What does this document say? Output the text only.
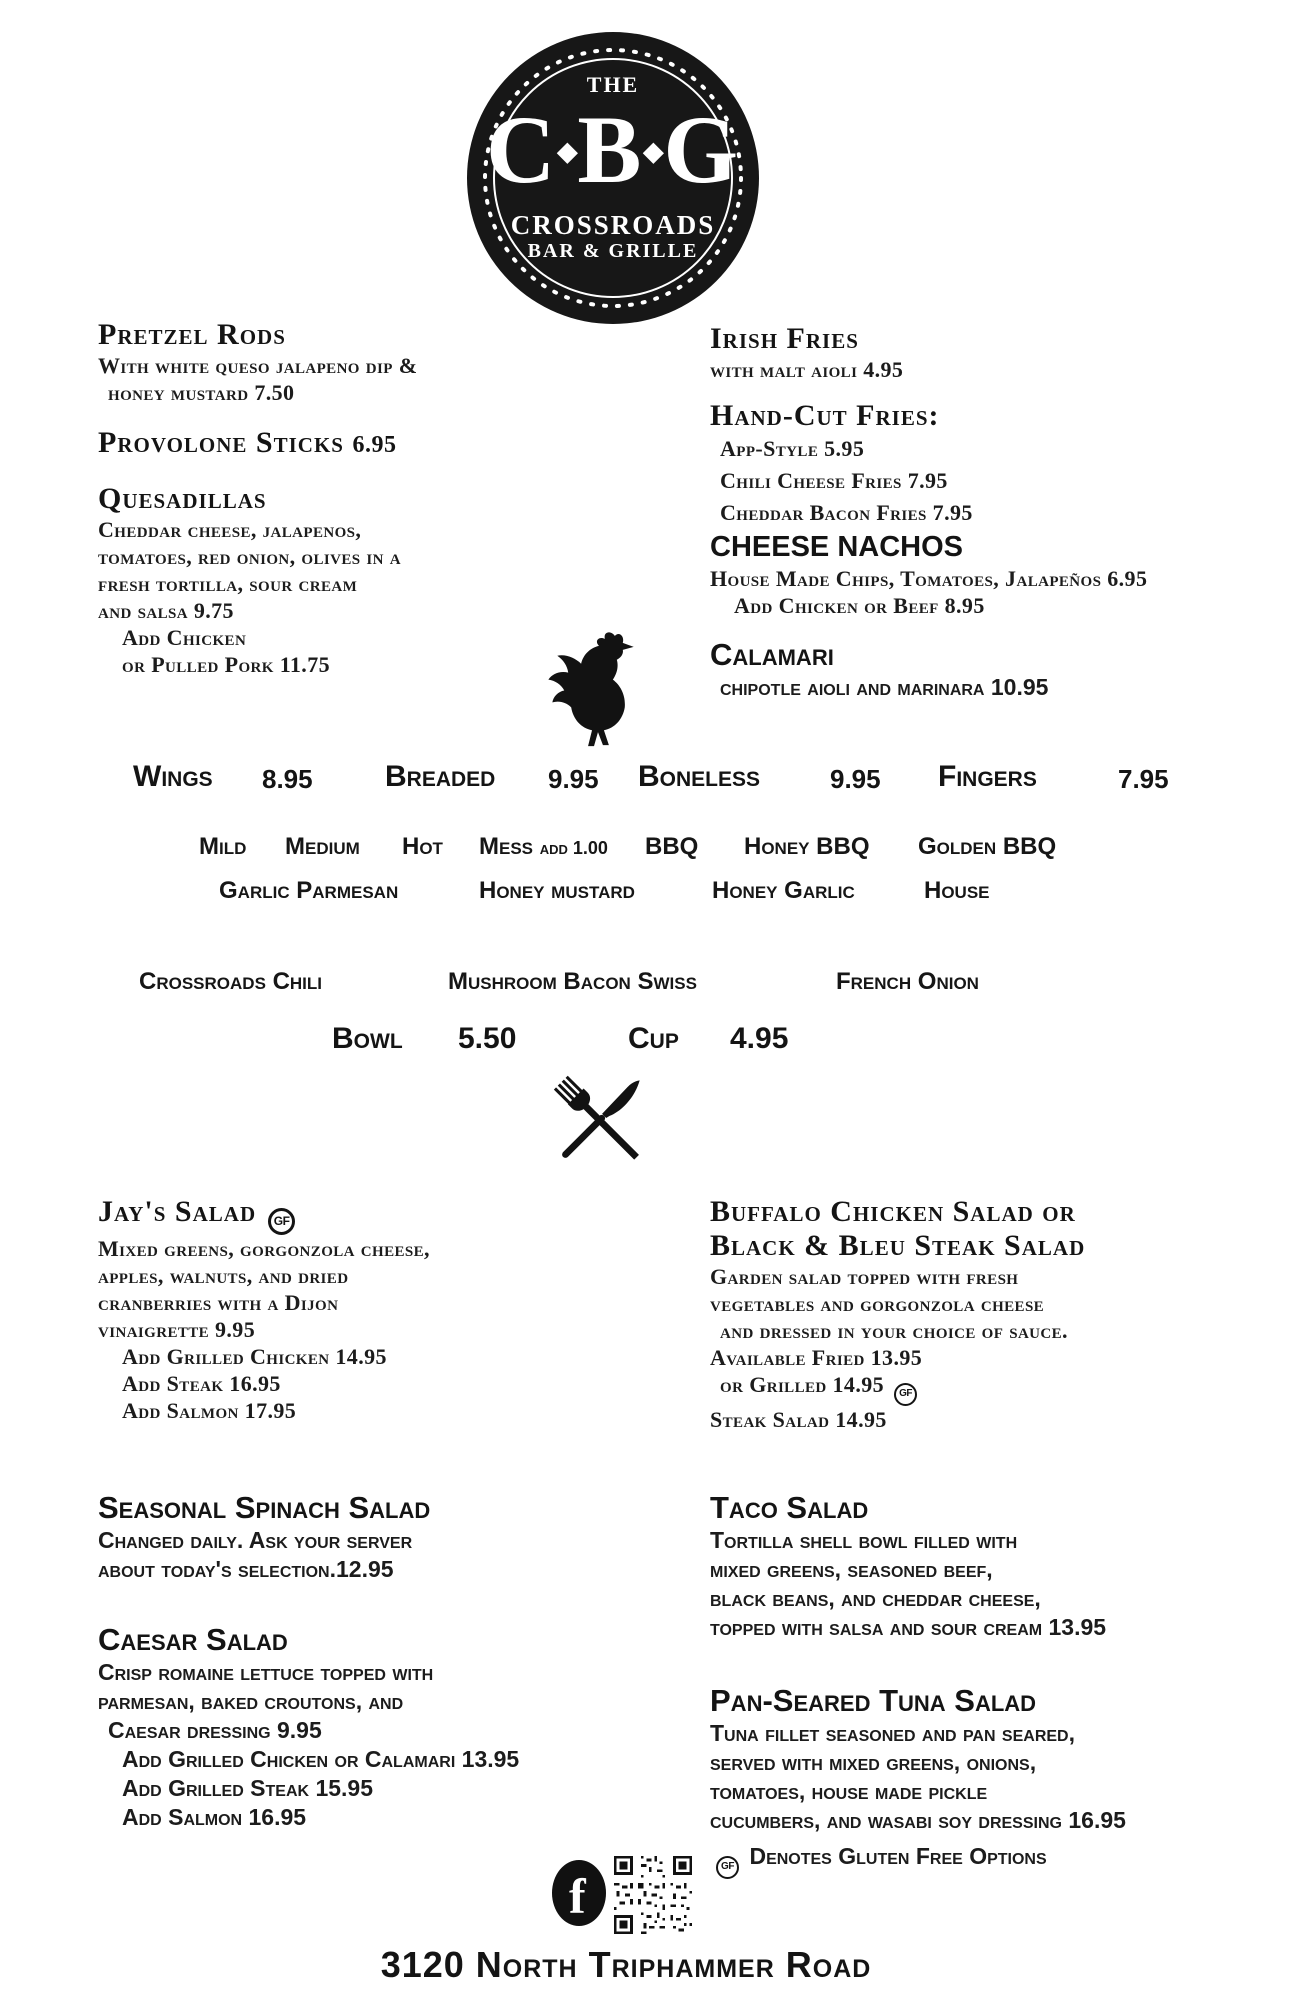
THE
C◆B◆G
CROSSROADS
BAR & GRILLE
Pretzel Rods
With white queso jalapeno dip &
honey mustard 7.50
Provolone Sticks 6.95
Quesadillas
Cheddar cheese, jalapenos,
tomatoes, red onion, olives in a
fresh tortilla, sour cream
and salsa 9.75
Add Chicken
or Pulled Pork 11.75
Irish Fries
with malt aioli 4.95
Hand-Cut Fries:
App-Style 5.95
Chili Cheese Fries 7.95
Cheddar Bacon Fries 7.95
CHEESE NACHOS
House Made Chips, Tomatoes, Jalapeños 6.95
Add Chicken or Beef 8.95
Calamari
chipotle aioli and marinara 10.95
Wings 8.95 Breaded 9.95 Boneless	9.95 Fingers	7.95
Mild Medium Hot Mess add 1.00 BBQ Honey BBQ Golden BBQ
Garlic Parmesan	Honey mustard	Honey Garlic	House
Crossroads Chili	Mushroom Bacon Swiss	French Onion
Bowl 5.50	Cup 4.95
Jay's Salad GF
Mixed greens, gorgonzola cheese,
apples, walnuts, and dried
cranberries with a Dijon
vinaigrette 9.95
Add Grilled Chicken 14.95
Add Steak 16.95
Add Salmon 17.95
Seasonal Spinach Salad
Changed daily. Ask your server
about today's selection.12.95
Caesar Salad
Crisp romaine lettuce topped with
parmesan, baked croutons, and
Caesar dressing 9.95
Add Grilled Chicken or Calamari 13.95
Add Grilled Steak 15.95
Add Salmon 16.95
Buffalo Chicken Salad or
Black & Bleu Steak Salad
Garden salad topped with fresh
vegetables and gorgonzola cheese
and dressed in your choice of sauce.
Available Fried 13.95
or Grilled 14.95 GF
Steak Salad 14.95
Taco Salad
Tortilla shell bowl filled with
mixed greens, seasoned beef,
black beans, and cheddar cheese,
topped with salsa and sour cream 13.95
Pan-Seared Tuna Salad
Tuna fillet seasoned and pan seared,
served with mixed greens, onions,
tomatoes, house made pickle
cucumbers, and wasabi soy dressing 16.95
GF Denotes Gluten Free Options
f
3120 North Triphammer Road
